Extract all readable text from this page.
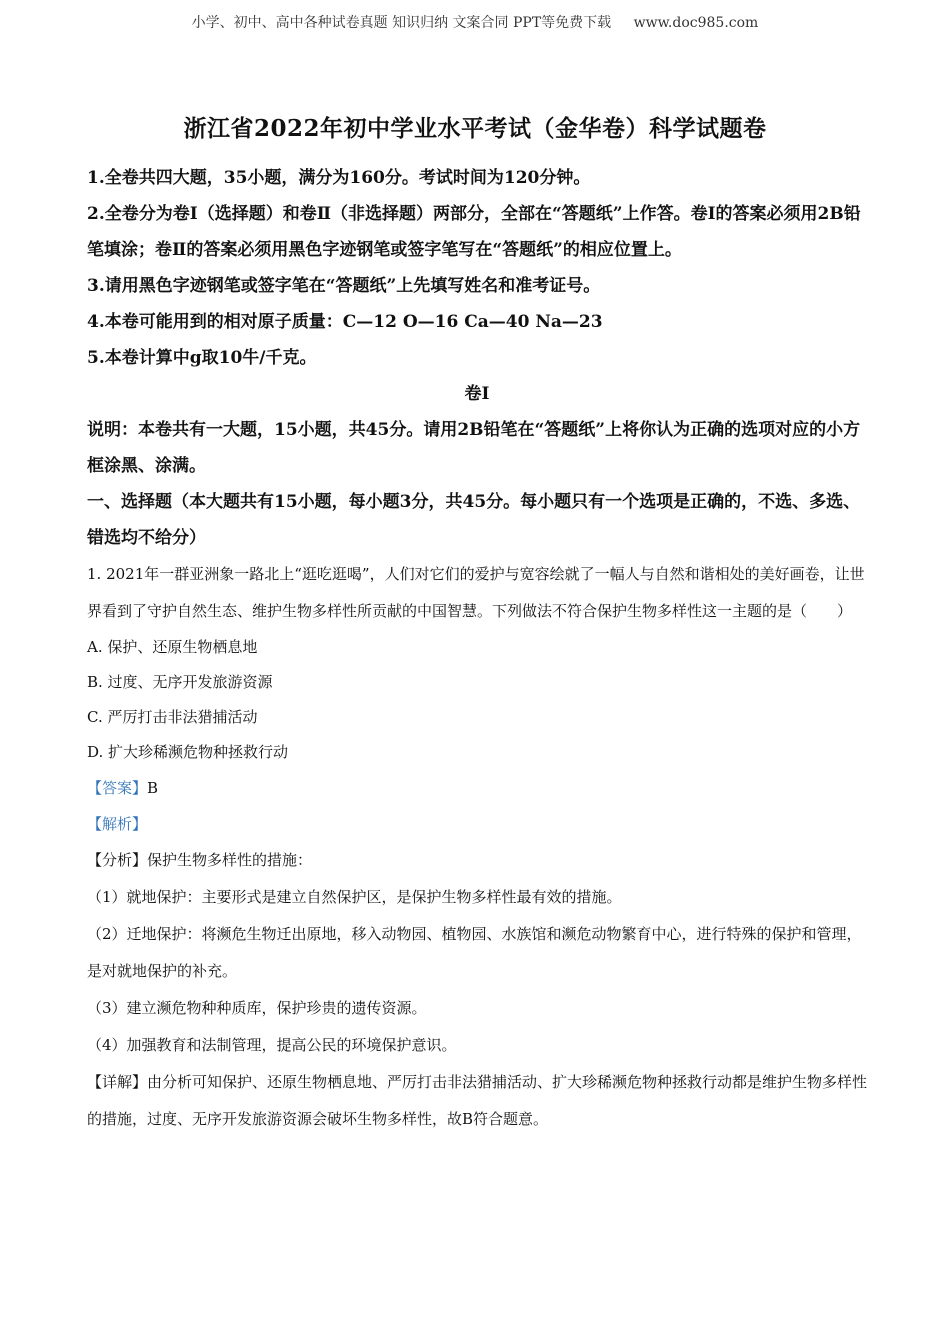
小学、初中、高中各种试卷真题 知识归纳 文案合同 PPT等免费下载 www.doc985.com
浙江省2022年初中学业水平考试（金华卷）科学试题卷

1.全卷共四大题，35小题，满分为160分。考试时间为120分钟。

2.全卷分为卷Ⅰ（选择题）和卷Ⅱ（非选择题）两部分，全部在“答题纸”上作答。卷Ⅰ的答案必须用2B铅笔填涂；卷Ⅱ的答案必须用黑色字迹钢笔或签字笔写在“答题纸”的相应位置上。

3.请用黑色字迹钢笔或签字笔在“答题纸”上先填写姓名和准考证号。

4.本卷可能用到的相对原子质量：C—12 O—16 Ca—40 Na—23

5.本卷计算中g取10牛/千克。

卷Ⅰ

说明：本卷共有一大题，15小题，共45分。请用2B铅笔在“答题纸”上将你认为正确的选项对应的小方框涂黑、涂满。

一、选择题（本大题共有15小题，每小题3分，共45分。每小题只有一个选项是正确的，不选、多选、错选均不给分）

1. 2021年一群亚洲象一路北上“逛吃逛喝”，人们对它们的爱护与宽容绘就了一幅人与自然和谐相处的美好画卷，让世界看到了守护自然生态、维护生物多样性所贡献的中国智慧。下列做法不符合保护生物多样性这一主题的是（　　）

A. 保护、还原生物栖息地

B. 过度、无序开发旅游资源

C. 严厉打击非法猎捕活动

D. 扩大珍稀濒危物种拯救行动

【答案】B

【解析】

【分析】保护生物多样性的措施：

（1）就地保护：主要形式是建立自然保护区，是保护生物多样性最有效的措施。

（2）迁地保护：将濒危生物迁出原地，移入动物园、植物园、水族馆和濒危动物繁育中心，进行特殊的保护和管理，是对就地保护的补充。

（3）建立濒危物种种质库，保护珍贵的遗传资源。

（4）加强教育和法制管理，提高公民的环境保护意识。

【详解】由分析可知保护、还原生物栖息地、严厉打击非法猎捕活动、扩大珍稀濒危物种拯救行动都是维护生物多样性的措施，过度、无序开发旅游资源会破坏生物多样性，故B符合题意。
